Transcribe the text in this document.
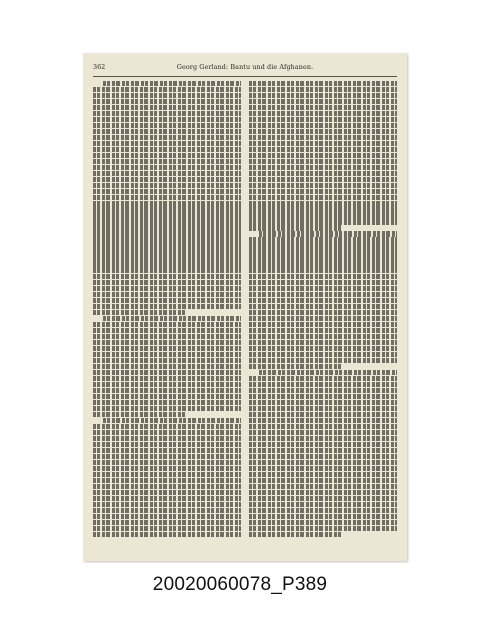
362	Georg Gerland: Bantu und die Afghanen.
20020060078_P389
